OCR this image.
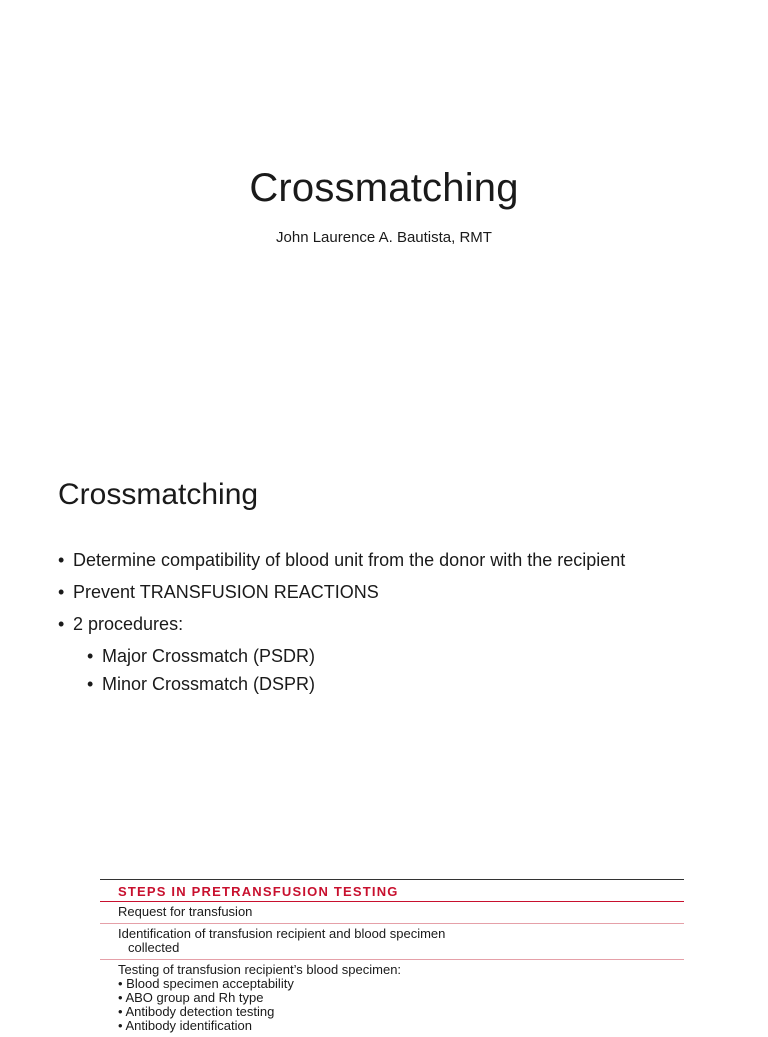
Crossmatching
John Laurence A. Bautista, RMT
Crossmatching
• Determine compatibility of blood unit from the donor with the recipient
• Prevent TRANSFUSION REACTIONS
• 2 procedures:
• Major Crossmatch (PSDR)
• Minor Crossmatch (DSPR)
STEPS IN PRETRANSFUSION TESTING
Request for transfusion
Identification of transfusion recipient and blood specimen
collected
Testing of transfusion recipient’s blood specimen:
• Blood specimen acceptability
• ABO group and Rh type
• Antibody detection testing
• Antibody identification
